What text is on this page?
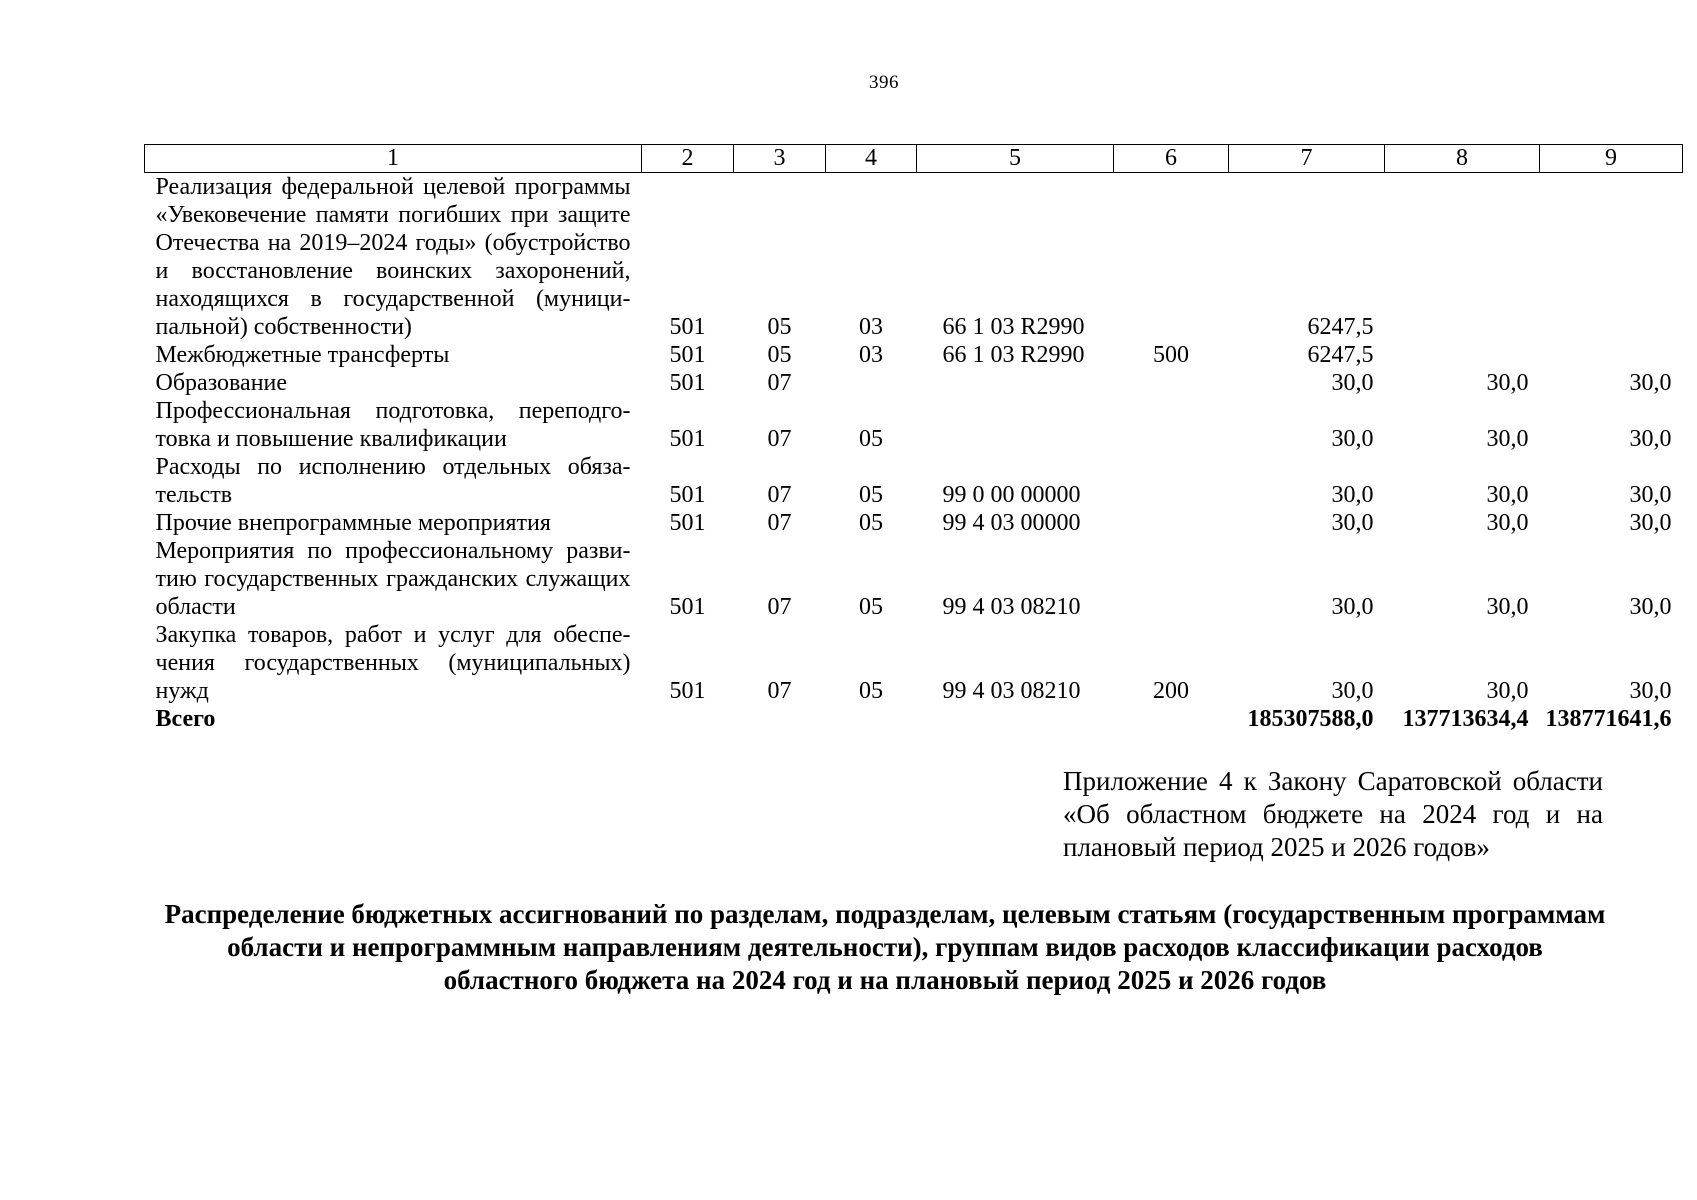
396
1	2	3	4	5	6	7	8	9
Реализация федеральной целевой программы «Увековечение памяти погибших при защите Отечества на 2019–2024 годы» (обустройство и восстановление воинских захоронений, находящихся в государственной (муниципальной) собственности)	501	05	03	66 1 03 R2990		6247,5		
Межбюджетные трансферты	501	05	03	66 1 03 R2990	500	6247,5		
Образование	501	07				30,0	30,0	30,0
Профессиональная подготовка, переподготовка и повышение квалификации	501	07	05			30,0	30,0	30,0
Расходы по исполнению отдельных обязательств	501	07	05	99 0 00 00000		30,0	30,0	30,0
Прочие внепрограммные мероприятия	501	07	05	99 4 03 00000		30,0	30,0	30,0
Мероприятия по профессиональному развитию государственных гражданских служащих области	501	07	05	99 4 03 08210		30,0	30,0	30,0
Закупка товаров, работ и услуг для обеспечения государственных (муниципальных) нужд	501	07	05	99 4 03 08210	200	30,0	30,0	30,0
Всего						185307588,0	137713634,4	138771641,6
Приложение 4 к Закону Саратовской области «Об областном бюджете на 2024 год и на плановый период 2025 и 2026 годов»
Распределение бюджетных ассигнований по разделам, подразделам, целевым статьям (государственным программам области и непрограммным направлениям деятельности), группам видов расходов классификации расходов областного бюджета на 2024 год и на плановый период 2025 и 2026 годов
